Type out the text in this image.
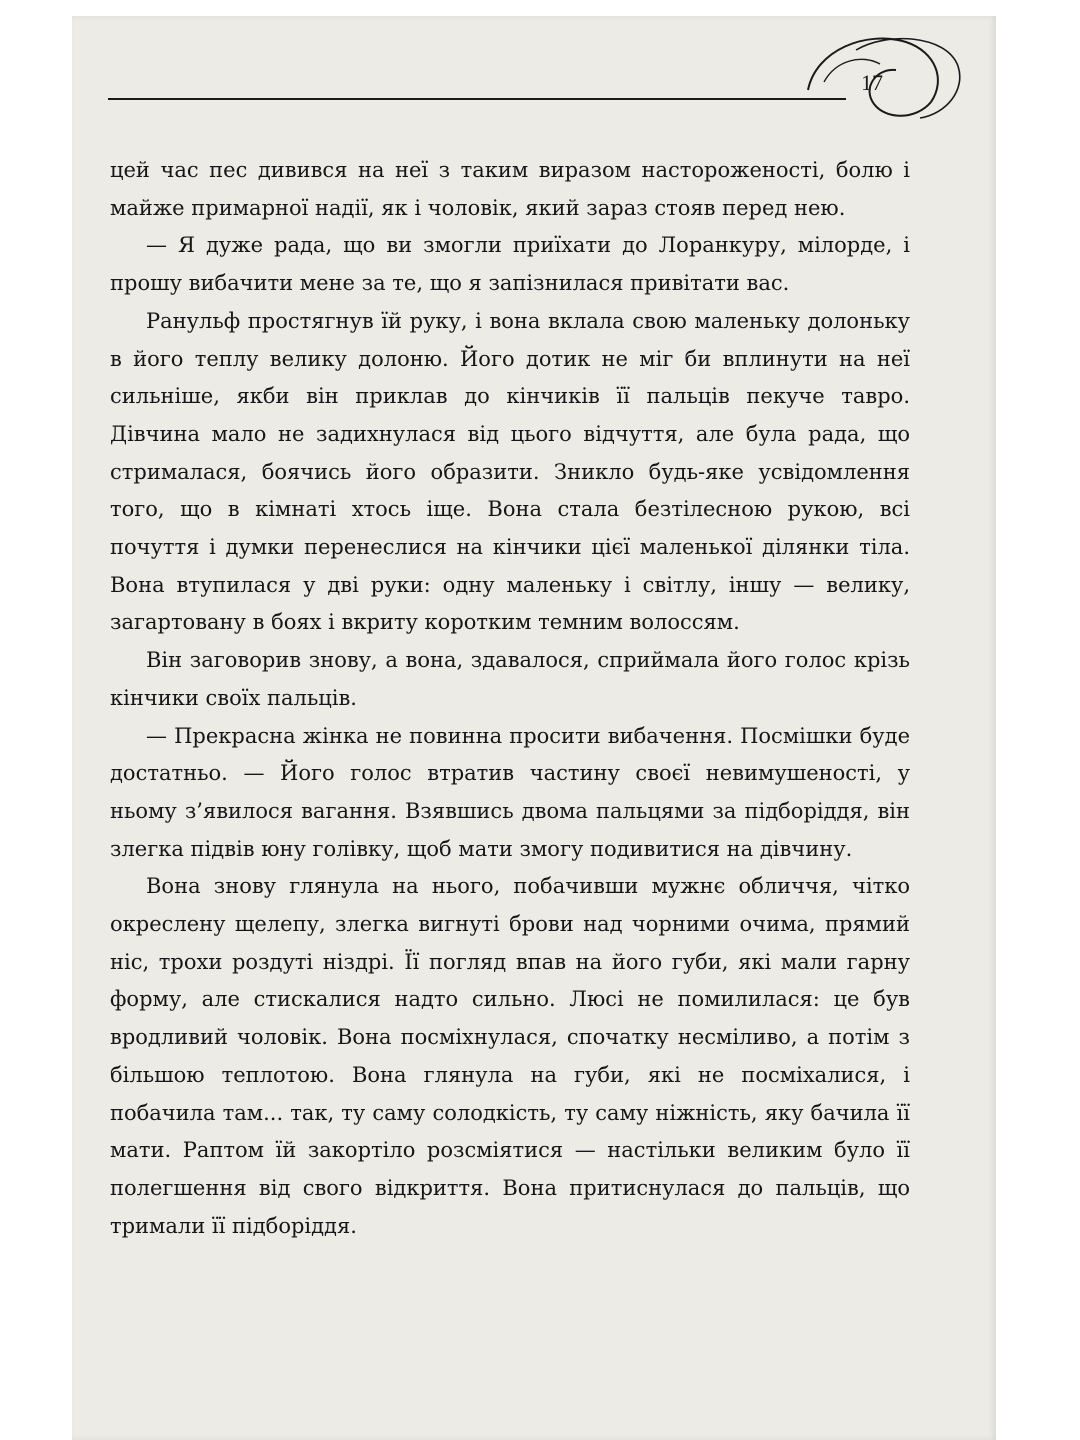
17

цей час пес дивився на неї з таким виразом настороженості, болю і майже примарної надії, як і чоловік, який зараз стояв перед нею.

— Я дуже рада, що ви змогли приїхати до Лоранкуру, мілорде, і прошу вибачити мене за те, що я запізнилася привітати вас.

Ранульф простягнув їй руку, і вона вклала свою маленьку долоньку в його теплу велику долоню. Його дотик не міг би вплинути на неї сильніше, якби він приклав до кінчиків її пальців пекуче тавро. Дівчина мало не задихнулася від цього відчуття, але була рада, що стрималася, боячись його образити. Зникло будь-яке усвідомлення того, що в кімнаті хтось іще. Вона стала безтілесною рукою, всі почуття і думки перенеслися на кінчики цієї маленької ділянки тіла. Вона втупилася у дві руки: одну маленьку і світлу, іншу — велику, загартовану в боях і вкриту коротким темним волоссям.

Він заговорив знову, а вона, здавалося, сприймала його голос крізь кінчики своїх пальців.

— Прекрасна жінка не повинна просити вибачення. Посмішки буде достатньо. — Його голос втратив частину своєї невимушеності, у ньому з’явилося вагання. Взявшись двома пальцями за підборіддя, він злегка підвів юну голівку, щоб мати змогу подивитися на дівчину.

Вона знову глянула на нього, побачивши мужнє обличчя, чітко окреслену щелепу, злегка вигнуті брови над чорними очима, прямий ніс, трохи роздуті ніздрі. Її погляд впав на його губи, які мали гарну форму, але стискалися надто сильно. Люсі не помилилася: це був вродливий чоловік. Вона посміхнулася, спочатку несміливо, а потім з більшою теплотою. Вона глянула на губи, які не посміхалися, і побачила там... так, ту саму солодкість, ту саму ніжність, яку бачила її мати. Раптом їй закортіло розсміятися — настільки великим було її полегшення від свого відкриття. Вона притиснулася до пальців, що тримали її підборіддя.
